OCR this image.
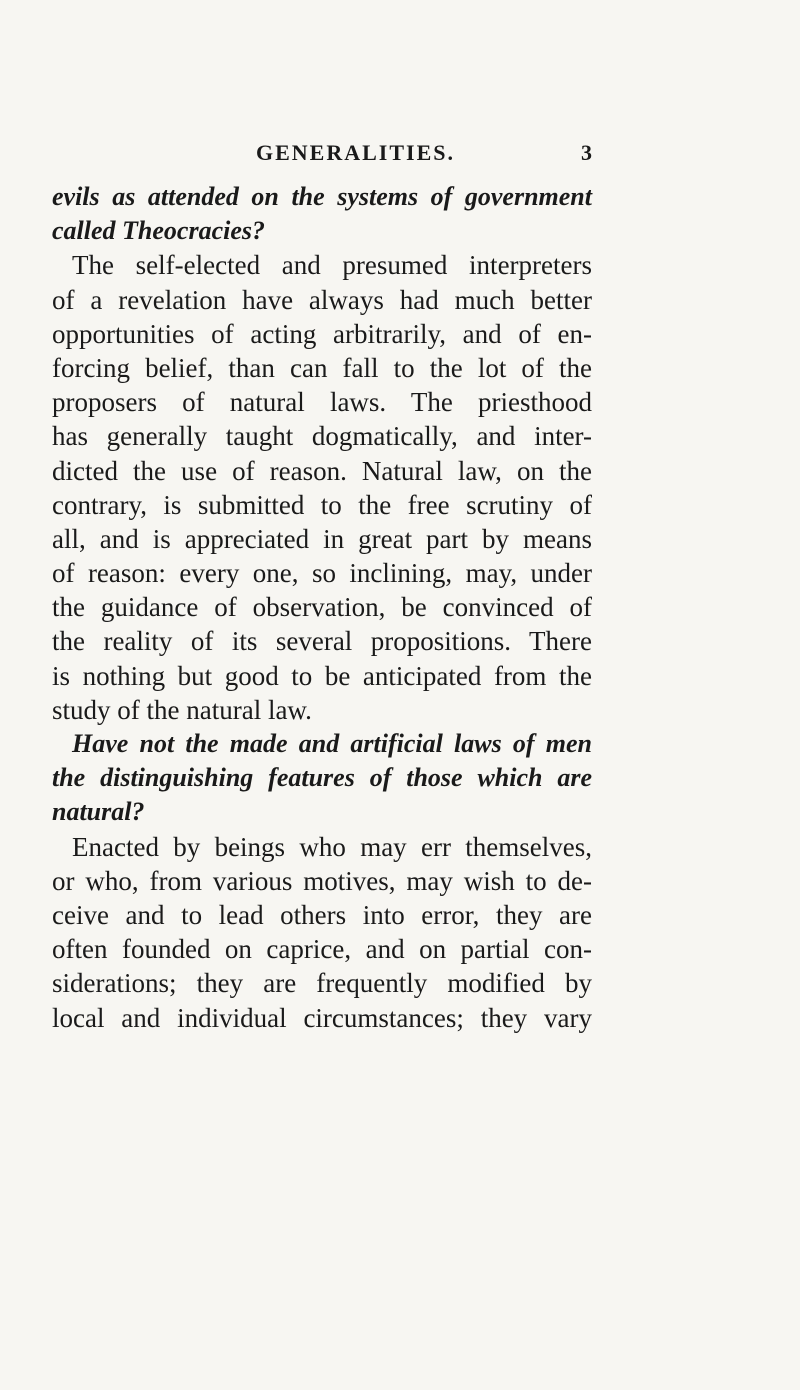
GENERALITIES.	3
evils as attended on the systems of government
called Theocracies?
The self-elected and presumed interpreters
of a revelation have always had much better
opportunities of acting arbitrarily, and of en-
forcing belief, than can fall to the lot of the
proposers of natural laws. The priesthood
has generally taught dogmatically, and inter-
dicted the use of reason. Natural law, on the
contrary, is submitted to the free scrutiny of
all, and is appreciated in great part by means
of reason: every one, so inclining, may, under
the guidance of observation, be convinced of
the reality of its several propositions. There
is nothing but good to be anticipated from the
study of the natural law.
Have not the made and artificial laws of men
the distinguishing features of those which are
natural?
Enacted by beings who may err themselves,
or who, from various motives, may wish to de-
ceive and to lead others into error, they are
often founded on caprice, and on partial con-
siderations; they are frequently modified by
local and individual circumstances; they vary
